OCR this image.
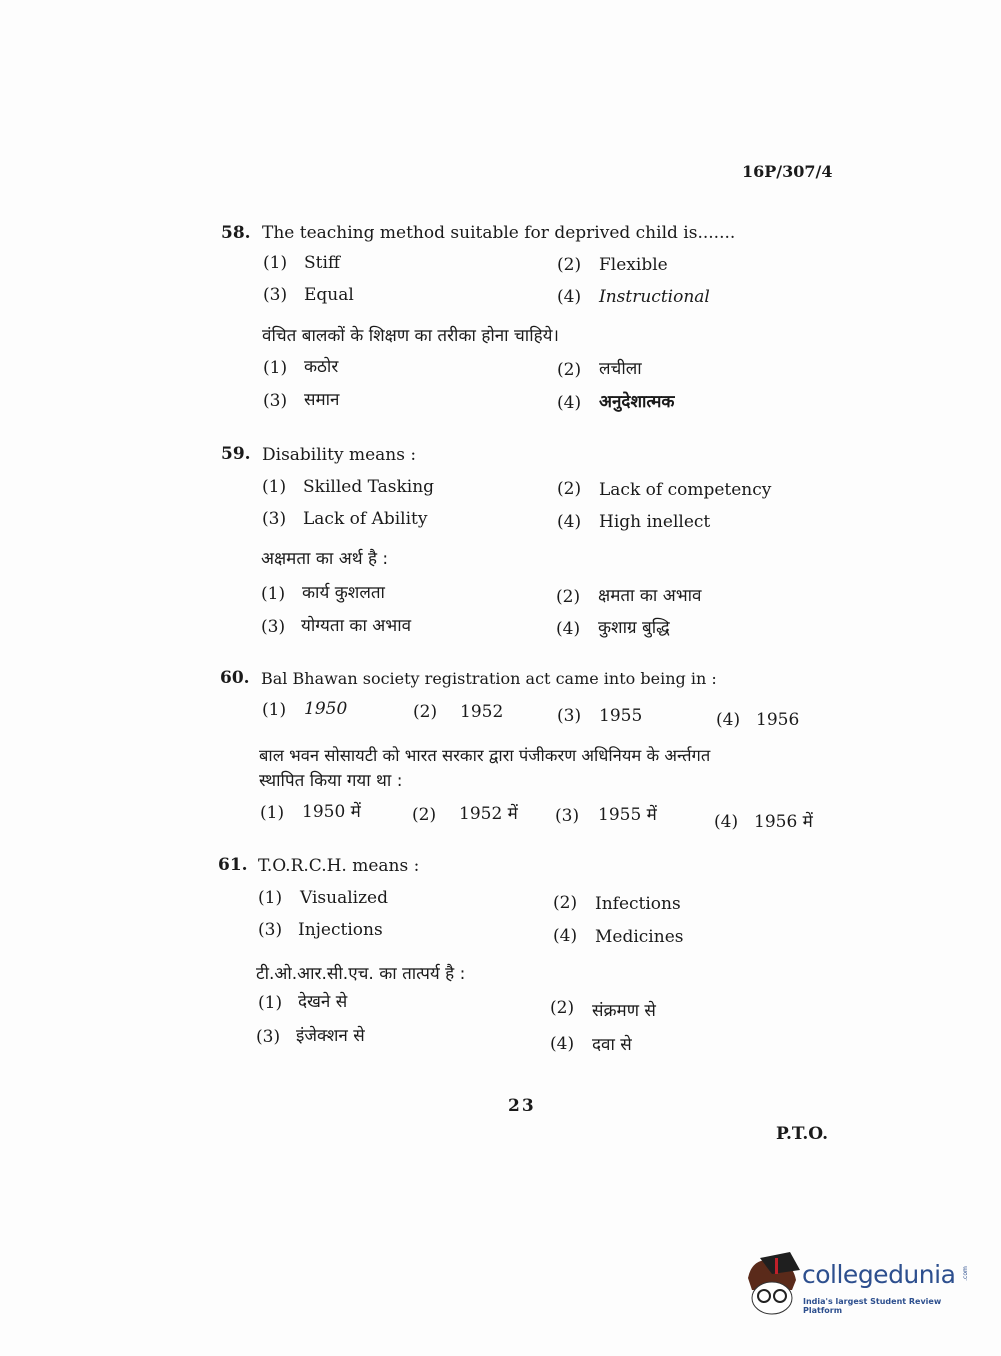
16P/307/4
58. The teaching method suitable for deprived child is.......
(1) Stiff	(2) Flexible
(3) Equal	(4) Instructional
वंचित बालकों के शिक्षण का तरीका होना चाहिये।
(1) कठोर	(2) लचीला
(3) समान	(4) अनुदेशात्मक
59. Disability means :
(1) Skilled Tasking	(2) Lack of competency
(3) Lack of Ability	(4) High inellect
अक्षमता का अर्थ है :
(1) कार्य कुशलता	(2) क्षमता का अभाव
(3) योग्यता का अभाव	(4) कुशाग्र बुद्धि
60. Bal Bhawan society registration act came into being in :
(1) 1950	(2) 1952	(3) 1955	(4) 1956
बाल भवन सोसायटी को भारत सरकार द्वारा पंजीकरण अधिनियम के अर्न्तगत
स्थापित किया गया था :
(1) 1950 में	(2) 1952 में (3) 1955 में	(4) 1956 में
61. T.O.R.C.H. means :
(1) Visualized	(2) Infections
(3) Injections	(4) Medicines
टी.ओ.आर.सी.एच. का तात्पर्य है :
(1) देखने से	(2) संक्रमण से
(3) इंजेक्शन से	(4) दवा से
23
P.T.O.
collegedunia .com
India's largest Student Review Platform
